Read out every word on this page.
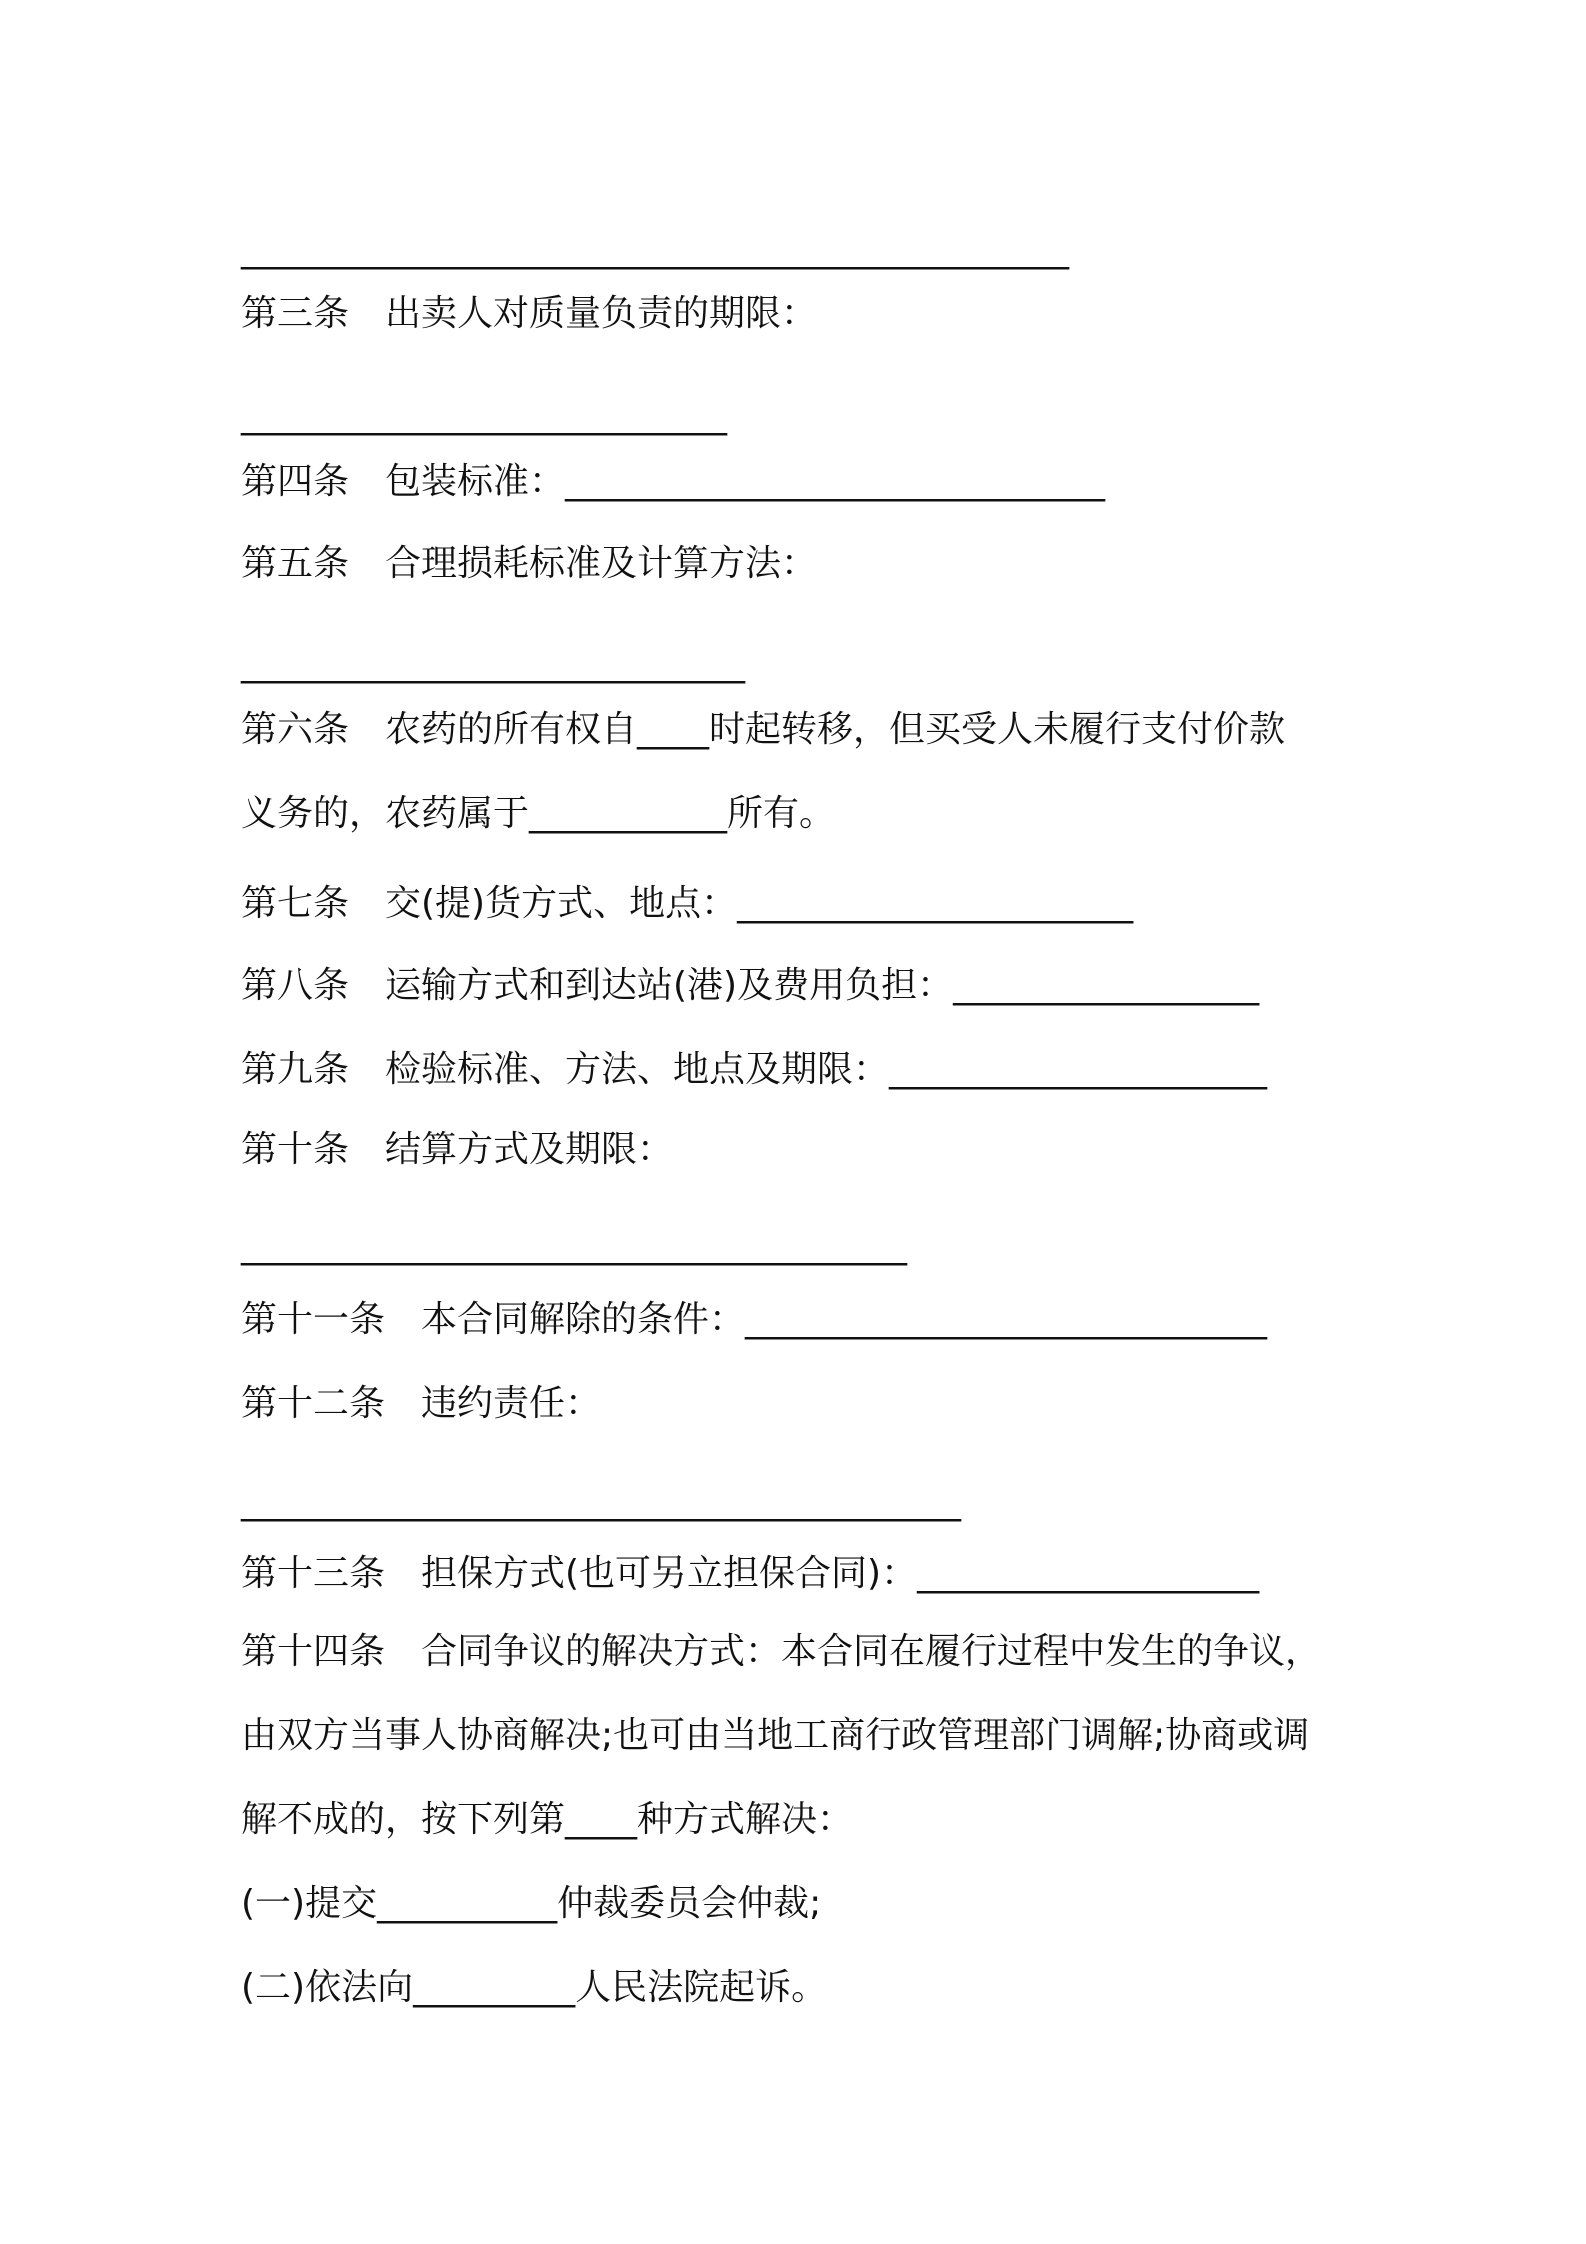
______________________________________________
第三条　出卖人对质量负责的期限：
___________________________
第四条　包装标准：______________________________
第五条　合理损耗标准及计算方法：
____________________________
第六条　农药的所有权自____时起转移，但买受人未履行支付价款
义务的，农药属于___________所有。
第七条　交(提)货方式、地点：______________________
第八条　运输方式和到达站(港)及费用负担：_________________
第九条　检验标准、方法、地点及期限：_____________________
第十条　结算方式及期限：
_____________________________________
第十一条　本合同解除的条件：_____________________________
第十二条　违约责任：
________________________________________
第十三条　担保方式(也可另立担保合同)：___________________
第十四条　合同争议的解决方式：本合同在履行过程中发生的争议，
由双方当事人协商解决;也可由当地工商行政管理部门调解;协商或调
解不成的，按下列第____种方式解决：
(一)提交__________仲裁委员会仲裁;
(二)依法向_________人民法院起诉。
